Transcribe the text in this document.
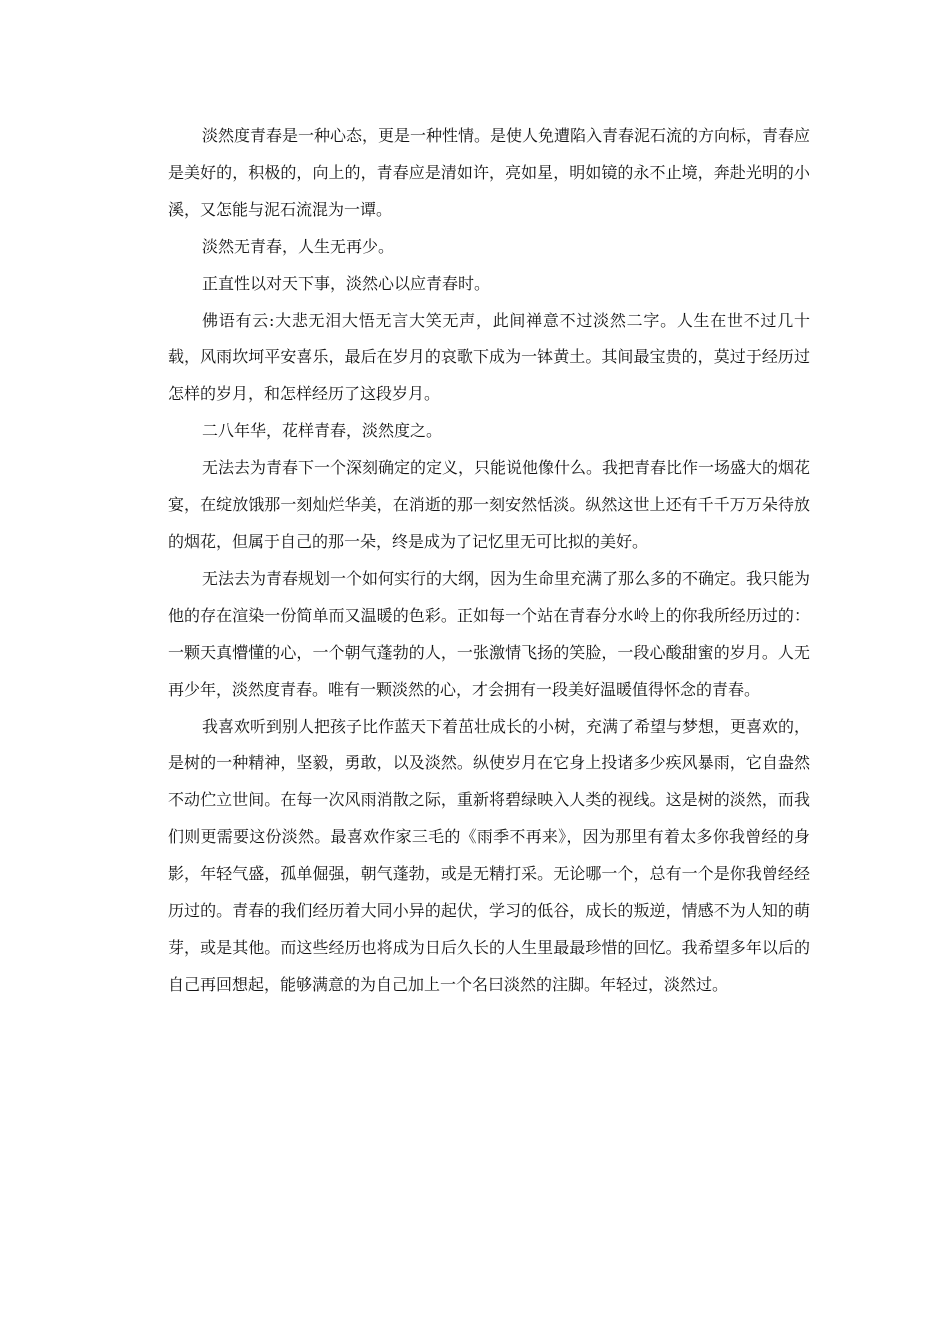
淡然度青春是一种心态，更是一种性情。是使人免遭陷入青春泥石流的方向标，青春应是美好的，积极的，向上的，青春应是清如许，亮如星，明如镜的永不止境，奔赴光明的小溪，又怎能与泥石流混为一谭。

淡然无青春，人生无再少。

正直性以对天下事，淡然心以应青春时。

佛语有云:大悲无泪大悟无言大笑无声，此间禅意不过淡然二字。人生在世不过几十载，风雨坎坷平安喜乐，最后在岁月的哀歌下成为一钵黄土。其间最宝贵的，莫过于经历过怎样的岁月，和怎样经历了这段岁月。

二八年华，花样青春，淡然度之。

无法去为青春下一个深刻确定的定义，只能说他像什么。我把青春比作一场盛大的烟花宴，在绽放饿那一刻灿烂华美，在消逝的那一刻安然恬淡。纵然这世上还有千千万万朵待放的烟花，但属于自己的那一朵，终是成为了记忆里无可比拟的美好。

无法去为青春规划一个如何实行的大纲，因为生命里充满了那么多的不确定。我只能为他的存在渲染一份简单而又温暖的色彩。正如每一个站在青春分水岭上的你我所经历过的：一颗天真懵懂的心，一个朝气蓬勃的人，一张激情飞扬的笑脸，一段心酸甜蜜的岁月。人无再少年，淡然度青春。唯有一颗淡然的心，才会拥有一段美好温暖值得怀念的青春。

我喜欢听到别人把孩子比作蓝天下着茁壮成长的小树，充满了希望与梦想，更喜欢的，是树的一种精神，坚毅，勇敢，以及淡然。纵使岁月在它身上投诸多少疾风暴雨，它自盎然不动伫立世间。在每一次风雨消散之际，重新将碧绿映入人类的视线。这是树的淡然，而我们则更需要这份淡然。最喜欢作家三毛的《雨季不再来》，因为那里有着太多你我曾经的身影，年轻气盛，孤单倔强，朝气蓬勃，或是无精打采。无论哪一个，总有一个是你我曾经经历过的。青春的我们经历着大同小异的起伏，学习的低谷，成长的叛逆，情感不为人知的萌芽，或是其他。而这些经历也将成为日后久长的人生里最最珍惜的回忆。我希望多年以后的自己再回想起，能够满意的为自己加上一个名曰淡然的注脚。年轻过，淡然过。
